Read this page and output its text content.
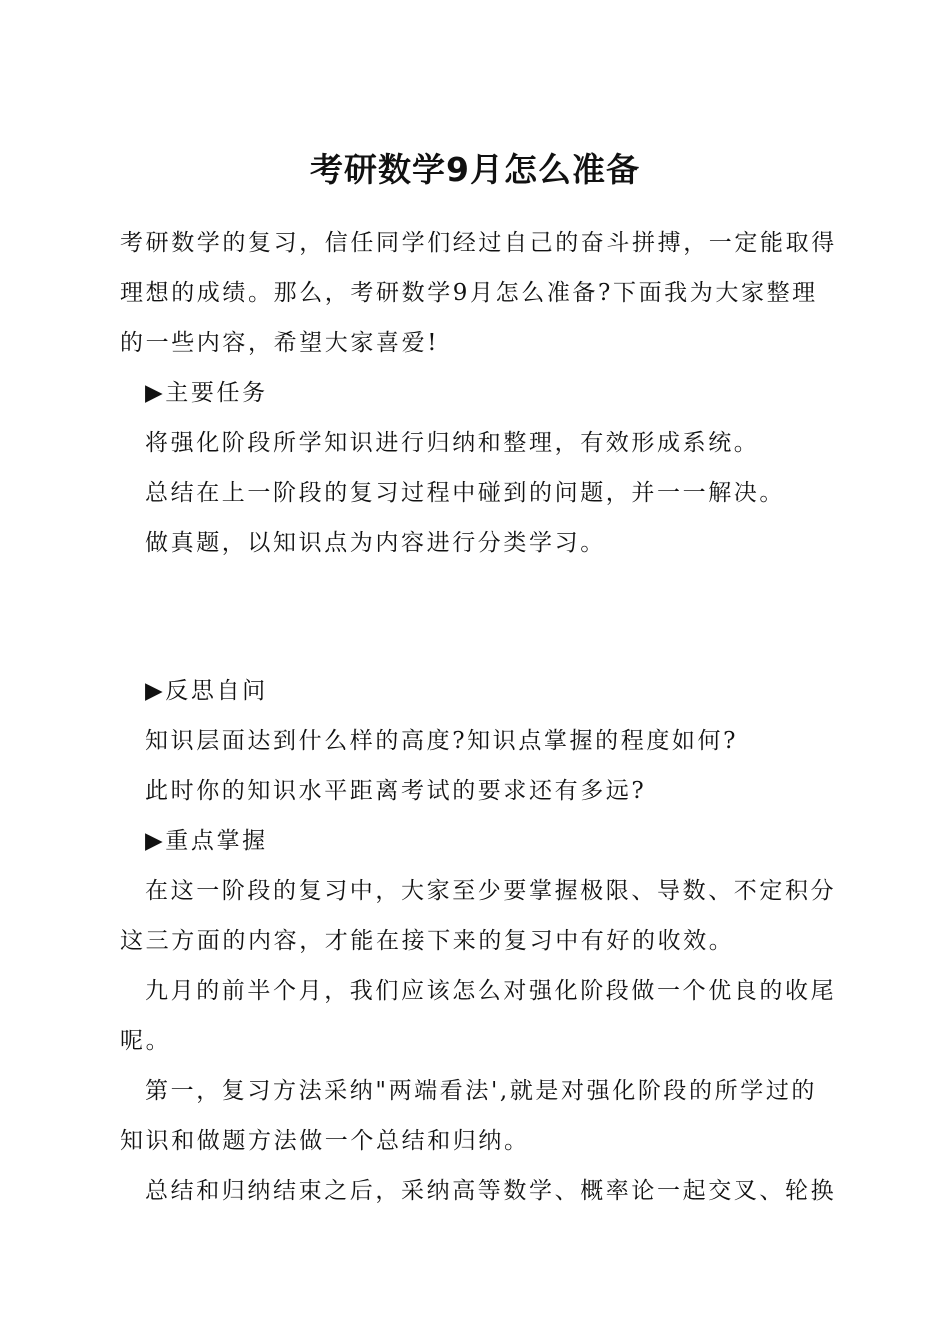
考研数学9月怎么准备
考研数学的复习，信任同学们经过自己的奋斗拼搏，一定能取得
理想的成绩。那么，考研数学9月怎么准备?下面我为大家整理
的一些内容，希望大家喜爱!
▶主要任务
将强化阶段所学知识进行归纳和整理，有效形成系统。
总结在上一阶段的复习过程中碰到的问题，并一一解决。
做真题，以知识点为内容进行分类学习。
▶反思自问
知识层面达到什么样的高度?知识点掌握的程度如何?
此时你的知识水平距离考试的要求还有多远?
▶重点掌握
在这一阶段的复习中，大家至少要掌握极限、导数、不定积分
这三方面的内容，才能在接下来的复习中有好的收效。
九月的前半个月，我们应该怎么对强化阶段做一个优良的收尾
呢。
第一，复习方法采纳"两端看法',就是对强化阶段的所学过的
知识和做题方法做一个总结和归纳。
总结和归纳结束之后，采纳高等数学、概率论一起交叉、轮换
